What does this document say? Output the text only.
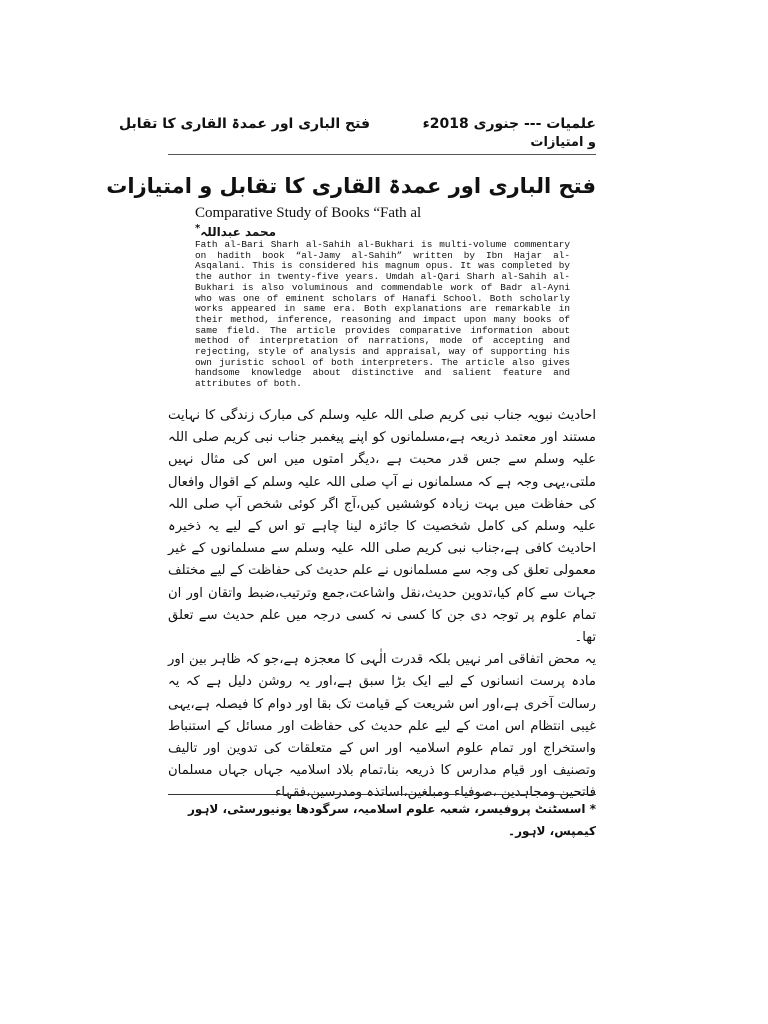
علمیات --- جنوری 2018ء
فتح الباری اور عمدۃ القاری کا تقابل
و امتیازات
فتح الباری اور عمدۃ القاری کا تقابل و امتیازات
Comparative Study of Books “Fath al
محمد عبداللہ*

Fath al-Bari Sharh al-Sahih al-Bukhari is multi-volume commentary on hadith book “al-Jamy al-Sahih” written by Ibn Hajar al-Asqalani. This is considered his magnum opus. It was completed by the author in twenty-five years. Umdah al-Qari Sharh al-Sahih al-Bukhari is also voluminous and commendable work of Badr al-Ayni who was one of eminent scholars of Hanafi School. Both scholarly works appeared in same era. Both explanations are remarkable in their method, inference, reasoning and impact upon many books of same field. The article provides comparative information about method of interpretation of narrations, mode of accepting and rejecting, style of analysis and appraisal, way of supporting his own juristic school of both interpreters. The article also gives handsome knowledge about distinctive and salient feature and attributes of both.

احادیث نبویہ جناب نبی کریم صلی اللہ علیہ وسلم کی مبارک زندگی کا نہایت مستند اور معتمد ذریعہ ہے،مسلمانوں کو اپنے پیغمبر جناب نبی کریم صلی اللہ علیہ وسلم سے جس قدر محبت ہے ،دیگر امتوں میں اس کی مثال نہیں ملتی،یہی وجہ ہے کہ مسلمانوں نے آپ صلی اللہ علیہ وسلم کے اقوال وافعال کی حفاظت میں بہت زیادہ کوششیں کیں،آج اگر کوئی شخص آپ صلی اللہ علیہ وسلم کی کامل شخصیت کا جائزہ لینا چاہے تو اس کے لیے یہ ذخیرہ احادیث کافی ہے،جناب نبی کریم صلی اللہ علیہ وسلم سے مسلمانوں کے غیر معمولی تعلق کی وجہ سے مسلمانوں نے علم حدیث کی حفاظت کے لیے مختلف جہات سے کام کیا،تدوین حدیث،نقل واشاعت،جمع وترتیب،ضبط واتقان اور ان تمام علوم پر توجہ دی جن کا کسی نہ کسی درجہ میں علم حدیث سے تعلق تھا۔

یہ محض اتفاقی امر نہیں بلکہ قدرت الٰہی کا معجزہ ہے،جو کہ ظاہر بین اور مادہ پرست انسانوں کے لیے ایک بڑا سبق ہے،اور یہ روشن دلیل ہے کہ یہ رسالت آخری ہے،اور اس شریعت کے قیامت تک بقا اور دوام کا فیصلہ ہے،یہی غیبی انتظام اس امت کے لیے علم حدیث کی حفاظت اور مسائل کے استنباط واستخراج اور تمام علوم اسلامیہ اور اس کے متعلقات کی تدوین اور تالیف وتصنیف اور قیام مدارس کا ذریعہ بنا،تمام بلاد اسلامیہ جہاں جہاں مسلمان فاتحین ومجاہدین ،صوفیاء ومبلغین،اساتذہ ومدرسین،فقہاء

* اسسٹنٹ پروفیسر، شعبہ علوم اسلامیہ، سرگودھا یونیورسٹی، لاہور کیمپس، لاہور۔
